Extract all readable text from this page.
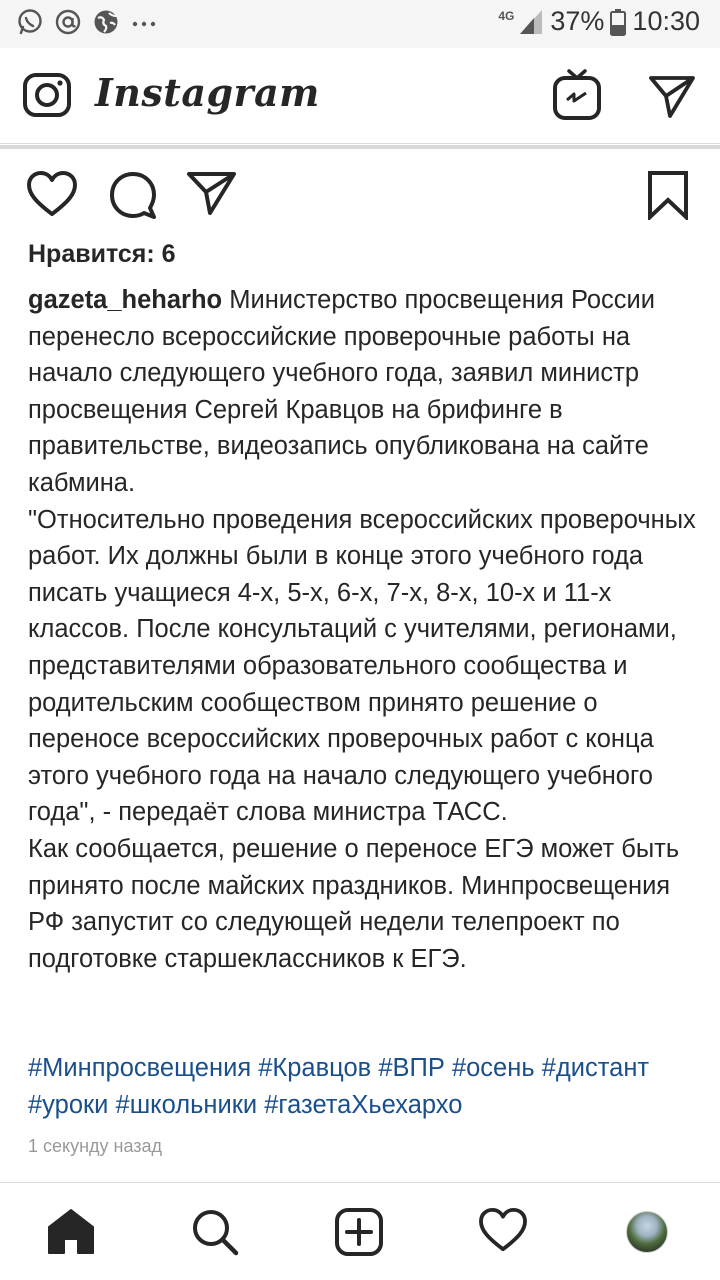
4G 37% 10:30
Instagram
Нравится: 6

gazeta_heharho Министерство просвещения России перенесло всероссийские проверочные работы на начало следующего учебного года, заявил министр просвещения Сергей Кравцов на брифинге в правительстве, видеозапись опубликована на сайте кабмина.

"Относительно проведения всероссийских проверочных работ. Их должны были в конце этого учебного года писать учащиеся 4-х, 5-х, 6-х, 7-х, 8-х, 10-х и 11-х классов. После консультаций с учителями, регионами, представителями образовательного сообщества и родительским сообществом принято решение о переносе всероссийских проверочных работ с конца этого учебного года на начало следующего учебного года", - передаёт слова министра ТАСС.

Как сообщается, решение о переносе ЕГЭ может быть принято после майских праздников. Минпросвещения РФ запустит со следующей недели телепроект по подготовке старшеклассников к ЕГЭ.

#Минпросвещения #Кравцов #ВПР #осень #дистант #уроки #школьники #газетаХьехархо
1 секунду назад
